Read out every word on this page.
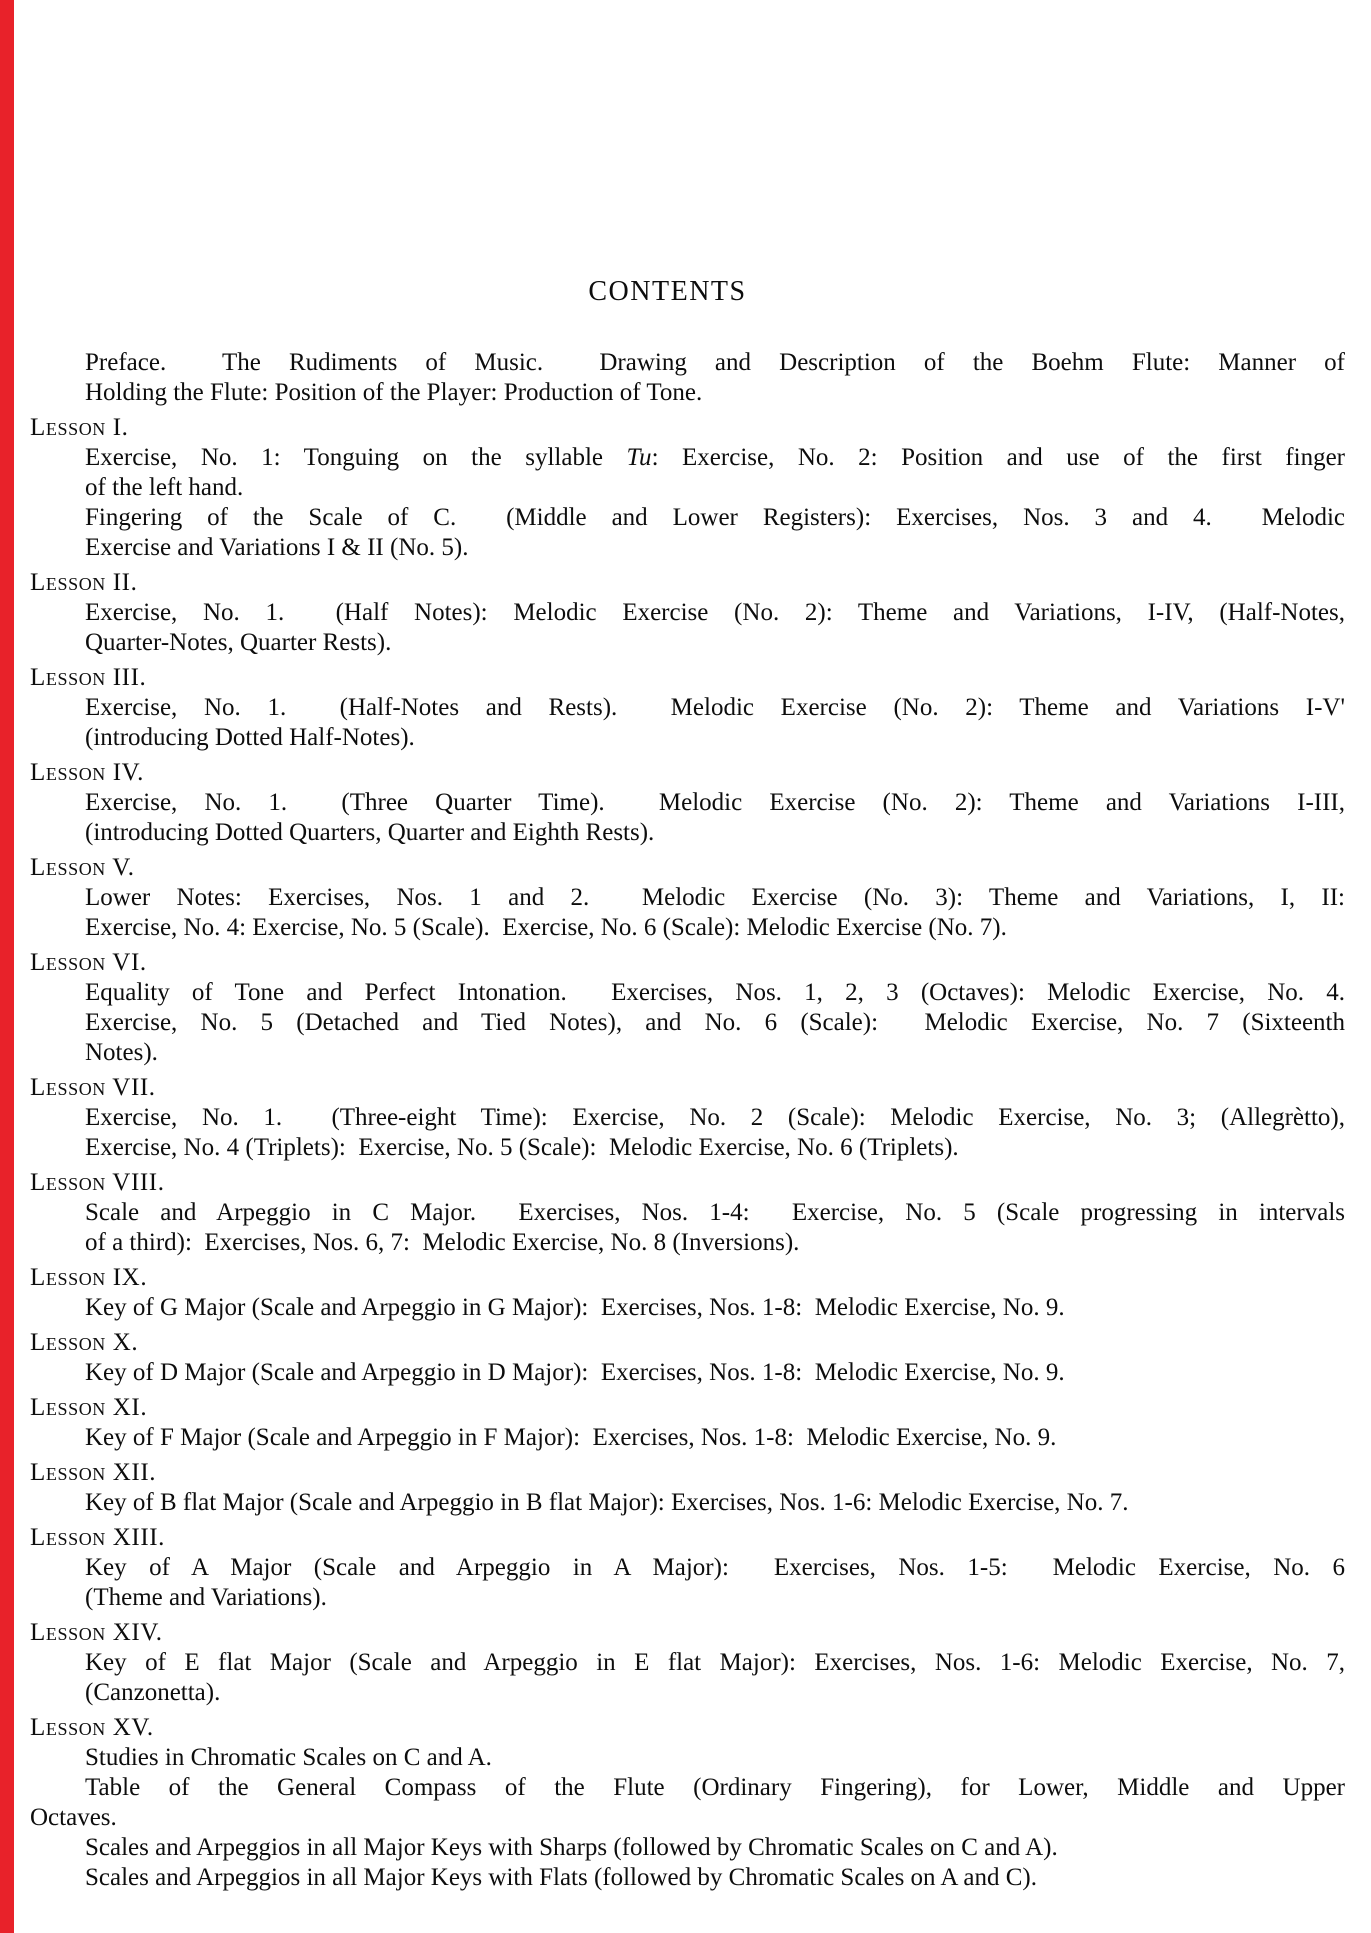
CONTENTS
Preface.  The Rudiments of Music.  Drawing and Description of the Boehm Flute: Manner of
Holding the Flute: Position of the Player: Production of Tone.
Lesson I.
Exercise, No. 1: Tonguing on the syllable Tu: Exercise, No. 2: Position and use of the first finger
of the left hand.
Fingering of the Scale of C.  (Middle and Lower Registers): Exercises, Nos. 3 and 4.  Melodic
Exercise and Variations I & II (No. 5).
Lesson II.
Exercise, No. 1.  (Half Notes): Melodic Exercise (No. 2): Theme and Variations, I-IV, (Half-Notes,
Quarter-Notes, Quarter Rests).
Lesson III.
Exercise, No. 1.  (Half-Notes and Rests).  Melodic Exercise (No. 2): Theme and Variations I-V'
(introducing Dotted Half-Notes).
Lesson IV.
Exercise, No. 1.  (Three Quarter Time).  Melodic Exercise (No. 2): Theme and Variations I-III,
(introducing Dotted Quarters, Quarter and Eighth Rests).
Lesson V.
Lower Notes: Exercises, Nos. 1 and 2.  Melodic Exercise (No. 3): Theme and Variations, I, II:
Exercise, No. 4: Exercise, No. 5 (Scale).  Exercise, No. 6 (Scale): Melodic Exercise (No. 7).
Lesson VI.
Equality of Tone and Perfect Intonation.  Exercises, Nos. 1, 2, 3 (Octaves): Melodic Exercise, No. 4.
Exercise, No. 5 (Detached and Tied Notes), and No. 6 (Scale):  Melodic Exercise, No. 7 (Sixteenth
Notes).
Lesson VII.
Exercise, No. 1.  (Three-eight Time): Exercise, No. 2 (Scale): Melodic Exercise, No. 3; (Allegrètto),
Exercise, No. 4 (Triplets):  Exercise, No. 5 (Scale):  Melodic Exercise, No. 6 (Triplets).
Lesson VIII.
Scale and Arpeggio in C Major.  Exercises, Nos. 1-4:  Exercise, No. 5 (Scale progressing in intervals
of a third):  Exercises, Nos. 6, 7:  Melodic Exercise, No. 8 (Inversions).
Lesson IX.
Key of G Major (Scale and Arpeggio in G Major):  Exercises, Nos. 1-8:  Melodic Exercise, No. 9.
Lesson X.
Key of D Major (Scale and Arpeggio in D Major):  Exercises, Nos. 1-8:  Melodic Exercise, No. 9.
Lesson XI.
Key of F Major (Scale and Arpeggio in F Major):  Exercises, Nos. 1-8:  Melodic Exercise, No. 9.
Lesson XII.
Key of B flat Major (Scale and Arpeggio in B flat Major): Exercises, Nos. 1-6: Melodic Exercise, No. 7.
Lesson XIII.
Key of A Major (Scale and Arpeggio in A Major):  Exercises, Nos. 1-5:  Melodic Exercise, No. 6
(Theme and Variations).
Lesson XIV.
Key of E flat Major (Scale and Arpeggio in E flat Major): Exercises, Nos. 1-6: Melodic Exercise, No. 7,
(Canzonetta).
Lesson XV.
Studies in Chromatic Scales on C and A.
Table of the General Compass of the Flute (Ordinary Fingering), for Lower, Middle and Upper
Octaves.
Scales and Arpeggios in all Major Keys with Sharps (followed by Chromatic Scales on C and A).
Scales and Arpeggios in all Major Keys with Flats (followed by Chromatic Scales on A and C).
